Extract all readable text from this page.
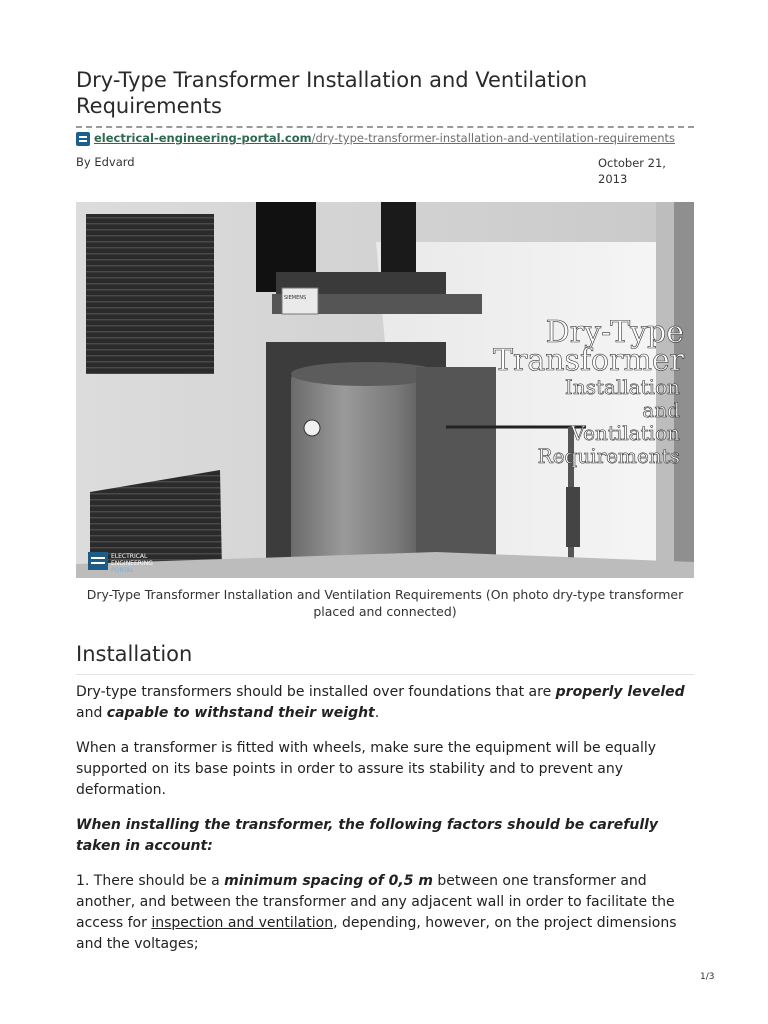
Dry-Type Transformer Installation and Ventilation Requirements
electrical-engineering-portal.com/dry-type-transformer-installation-and-ventilation-requirements
By Edvard	October 21, 2013
SIEMENS
Dry-Type
Transformer
Installation
and
Ventilation
Requirements
ELECTRICAL
ENGINEERING
PORTAL
Dry-Type Transformer Installation and Ventilation Requirements (On photo dry-type transformer placed and connected)
Installation

Dry-type transformers should be installed over foundations that are properly leveled and capable to withstand their weight.

When a transformer is fitted with wheels, make sure the equipment will be equally supported on its base points in order to assure its stability and to prevent any deformation.

When installing the transformer, the following factors should be carefully taken in account:

1. There should be a minimum spacing of 0,5 m between one transformer and another, and between the transformer and any adjacent wall in order to facilitate the access for inspection and ventilation, depending, however, on the project dimensions and the voltages;

1/3
